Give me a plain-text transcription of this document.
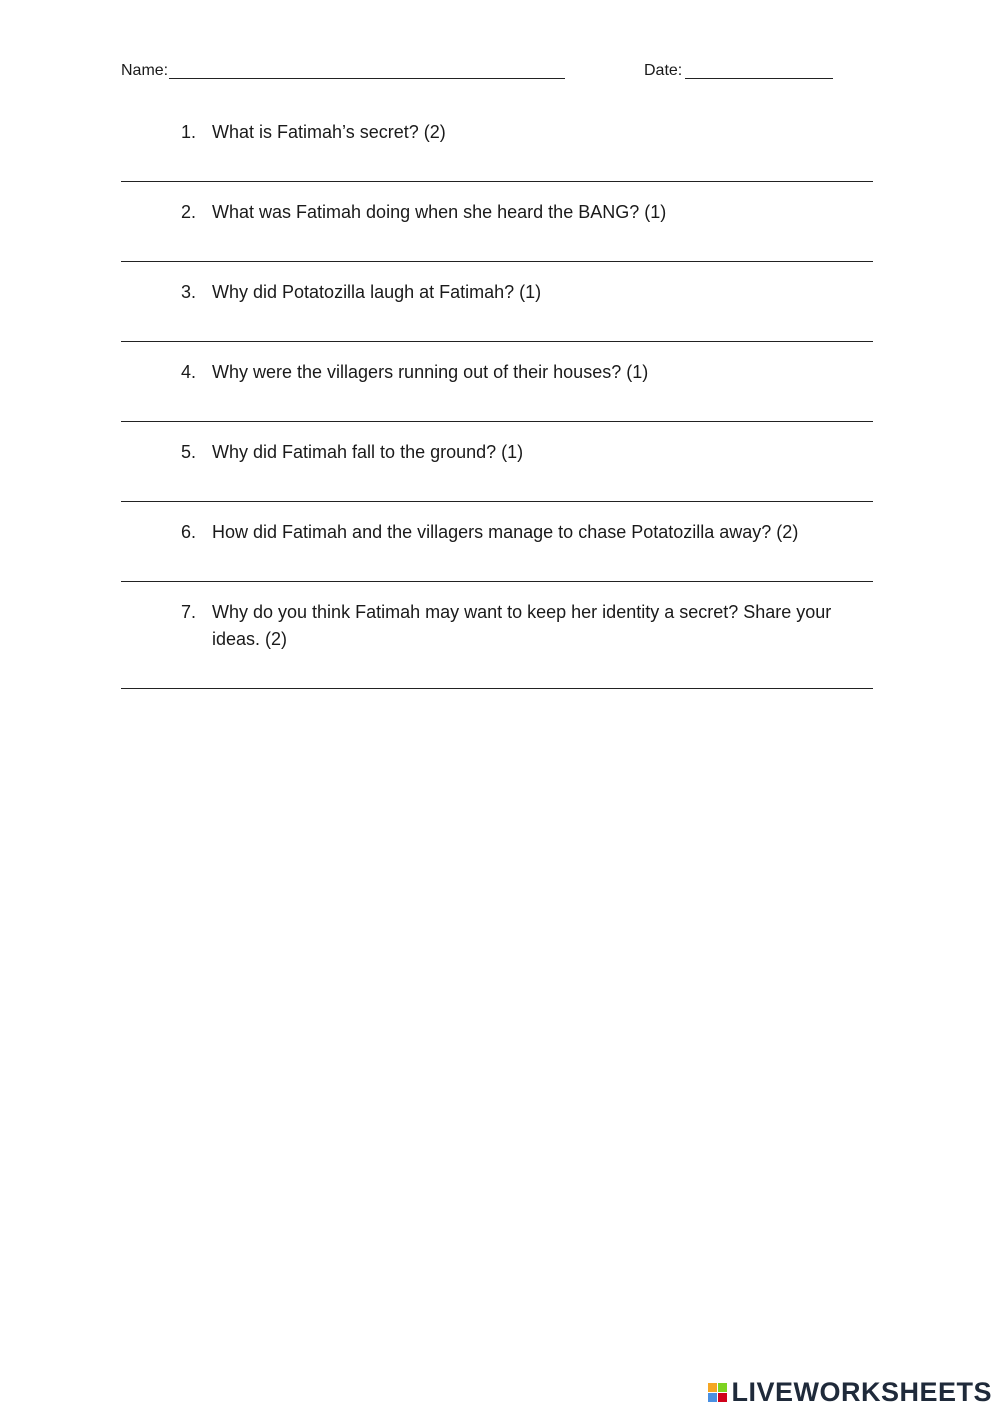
Name:	Date:
1. What is Fatimah’s secret? (2)
2. What was Fatimah doing when she heard the BANG? (1)
3. Why did Potatozilla laugh at Fatimah? (1)
4. Why were the villagers running out of their houses? (1)
5. Why did Fatimah fall to the ground? (1)
6. How did Fatimah and the villagers manage to chase Potatozilla away? (2)
7. Why do you think Fatimah may want to keep her identity a secret? Share your ideas. (2)
LIVEWORKSHEETS
